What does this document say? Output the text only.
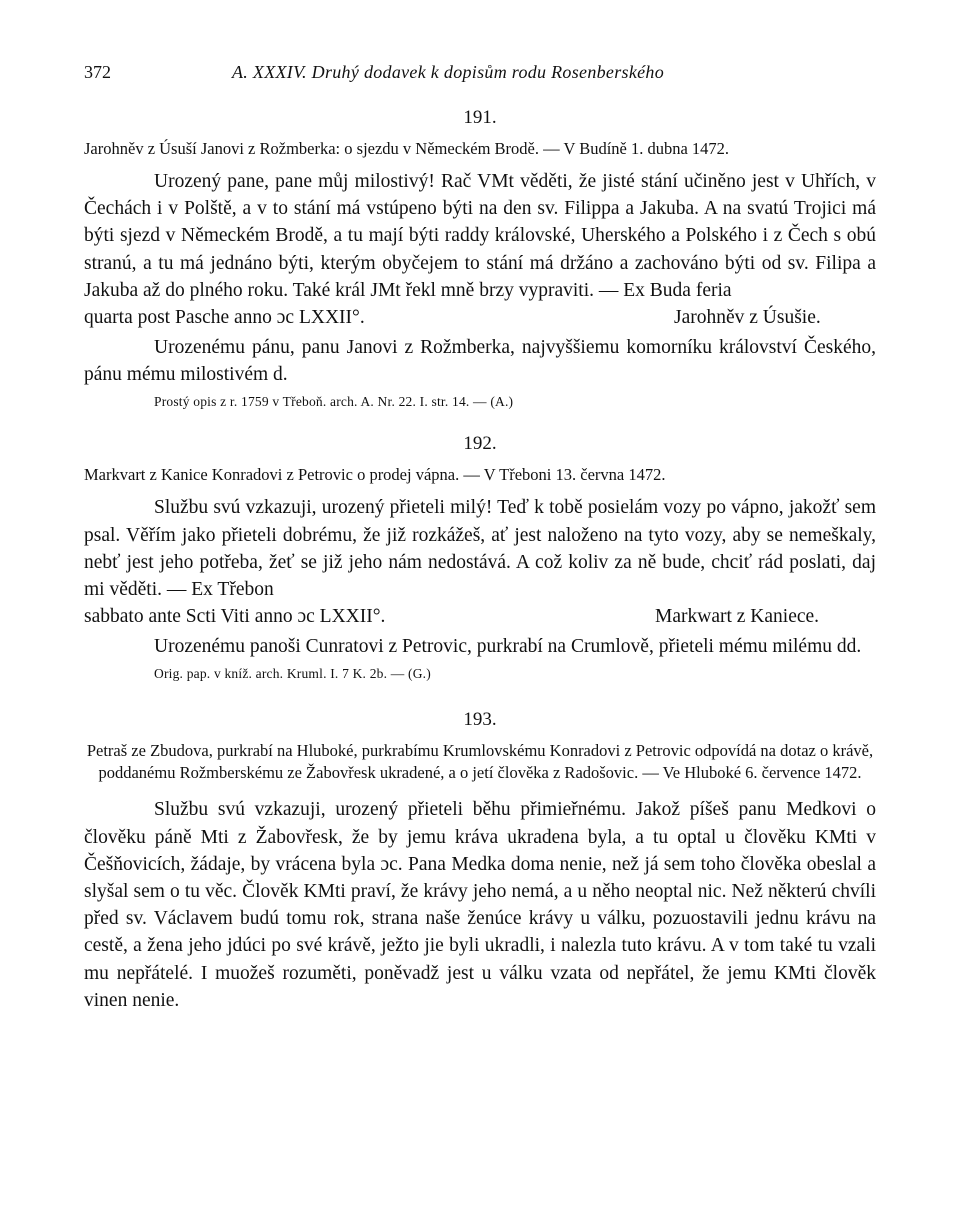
372	A. XXXIV. Druhý dodavek k dopisům rodu Rosenberského

191.

Jarohněv z Úsuší Janovi z Rožmberka: o sjezdu v Německém Brodě. — V Budíně 1. dubna 1472.

Urozený pane, pane můj milostivý! Rač VMt věděti, že jisté stání učiněno jest v Uhřích, v Čechách i v Polště, a v to stání má vstúpeno býti na den sv. Filippa a Jakuba. A na svatú Trojici má býti sjezd v Německém Brodě, a tu mají býti raddy královské, Uherského a Polského i z Čech s obú stranú, a tu má jednáno býti, kterým obyčejem to stání má držáno a zachováno býti od sv. Filipa a Jakuba až do plného roku. Také král JMt řekl mně brzy vypraviti. — Ex Buda feria

quarta post Pasche anno ɔc LXXII°.	Jarohněv z Úsušie.

Urozenému pánu, panu Janovi z Rožmberka, najvyššiemu komorníku království Českého, pánu mému milostivém d.

Prostý opis z r. 1759 v Třeboň. arch. A. Nr. 22. I. str. 14. — (A.)

192.

Markvart z Kanice Konradovi z Petrovic o prodej vápna. — V Třeboni 13. června 1472.

Službu svú vzkazuji, urozený přieteli milý! Teď k tobě posielám vozy po vápno, jakožť sem psal. Věřím jako přieteli dobrému, že již rozkážeš, ať jest naloženo na tyto vozy, aby se nemeškaly, nebť jest jeho potřeba, žeť se již jeho nám nedostává. A což koliv za ně bude, chciť rád poslati, daj mi věděti. — Ex Třebon

sabbato ante Scti Viti anno ɔc LXXII°.	Markwart z Kaniece.

Urozenému panoši Cunratovi z Petrovic, purkrabí na Crumlově, přieteli mému milému dd.

Orig. pap. v kníž. arch. Kruml. I. 7 K. 2b. — (G.)

193.

Petraš ze Zbudova, purkrabí na Hluboké, purkrabímu Krumlovskému Konradovi z Petrovic odpovídá na dotaz o krávě, poddanému Rožmberskému ze Žabovřesk ukradené, a o jetí člověka z Radošovic. — Ve Hluboké 6. července 1472.

Službu svú vzkazuji, urozený přieteli běhu přimieřnému. Jakož píšeš panu Medkovi o člověku páně Mti z Žabovřesk, že by jemu kráva ukradena byla, a tu optal u člověku KMti v Češňovicích, žádaje, by vrácena byla ɔc. Pana Medka doma nenie, než já sem toho člověka obeslal a slyšal sem o tu věc. Člověk KMti praví, že krávy jeho nemá, a u něho neoptal nic. Než některú chvíli před sv. Václavem budú tomu rok, strana naše ženúce krávy u válku, pozuostavili jednu krávu na cestě, a žena jeho jdúci po své krávě, ježto jie byli ukradli, i nalezla tuto krávu. A v tom také tu vzali mu nepřátelé. I muožeš rozuměti, poněvadž jest u válku vzata od nepřátel, že jemu KMti člověk vinen nenie.
